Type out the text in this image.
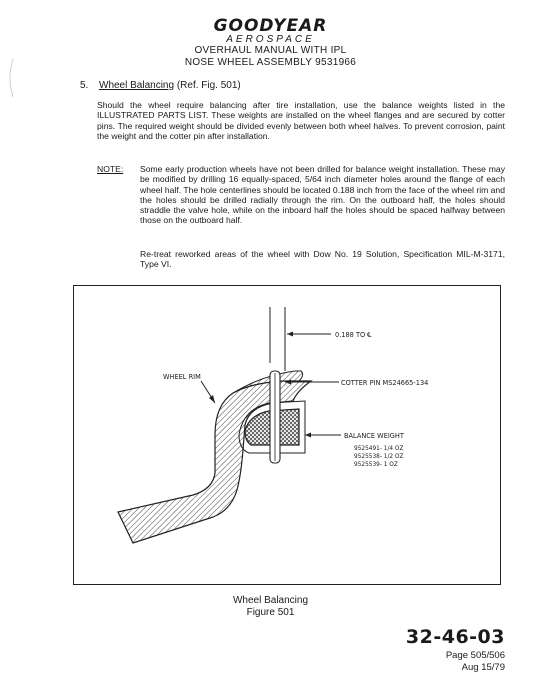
GOODYEAR
AEROSPACE
OVERHAUL MANUAL WITH IPL
NOSE WHEEL ASSEMBLY 9531966
5. Wheel Balancing (Ref. Fig. 501)

Should the wheel require balancing after tire installation, use the balance weights listed in the ILLUSTRATED PARTS LIST. These weights are installed on the wheel flanges and are secured by cotter pins. The required weight should be divided evenly between both wheel halves. To prevent corrosion, paint the weight and the cotter pin after installation.

NOTE: Some early production wheels have not been drilled for balance weight installation. These may be modified by drilling 16 equally-spaced, 5/64 inch diameter holes around the flange of each wheel half. The hole centerlines should be located 0.188 inch from the face of the wheel rim and the holes should be drilled radially through the rim. On the outboard half, the holes should straddle the valve hole, while on the inboard half the holes should be spaced halfway between those on the outboard half.

Re-treat reworked areas of the wheel with Dow No. 19 Solution, Specification MIL-M-3171, Type VI.

0.188 TO ℄
WHEEL RIM
COTTER PIN MS24665-134
BALANCE WEIGHT
9525491- 1/4 OZ
9525538- 1/2 OZ
9525539- 1 OZ
Wheel Balancing
Figure 501
32-46-03
Page 505/506
Aug 15/79
